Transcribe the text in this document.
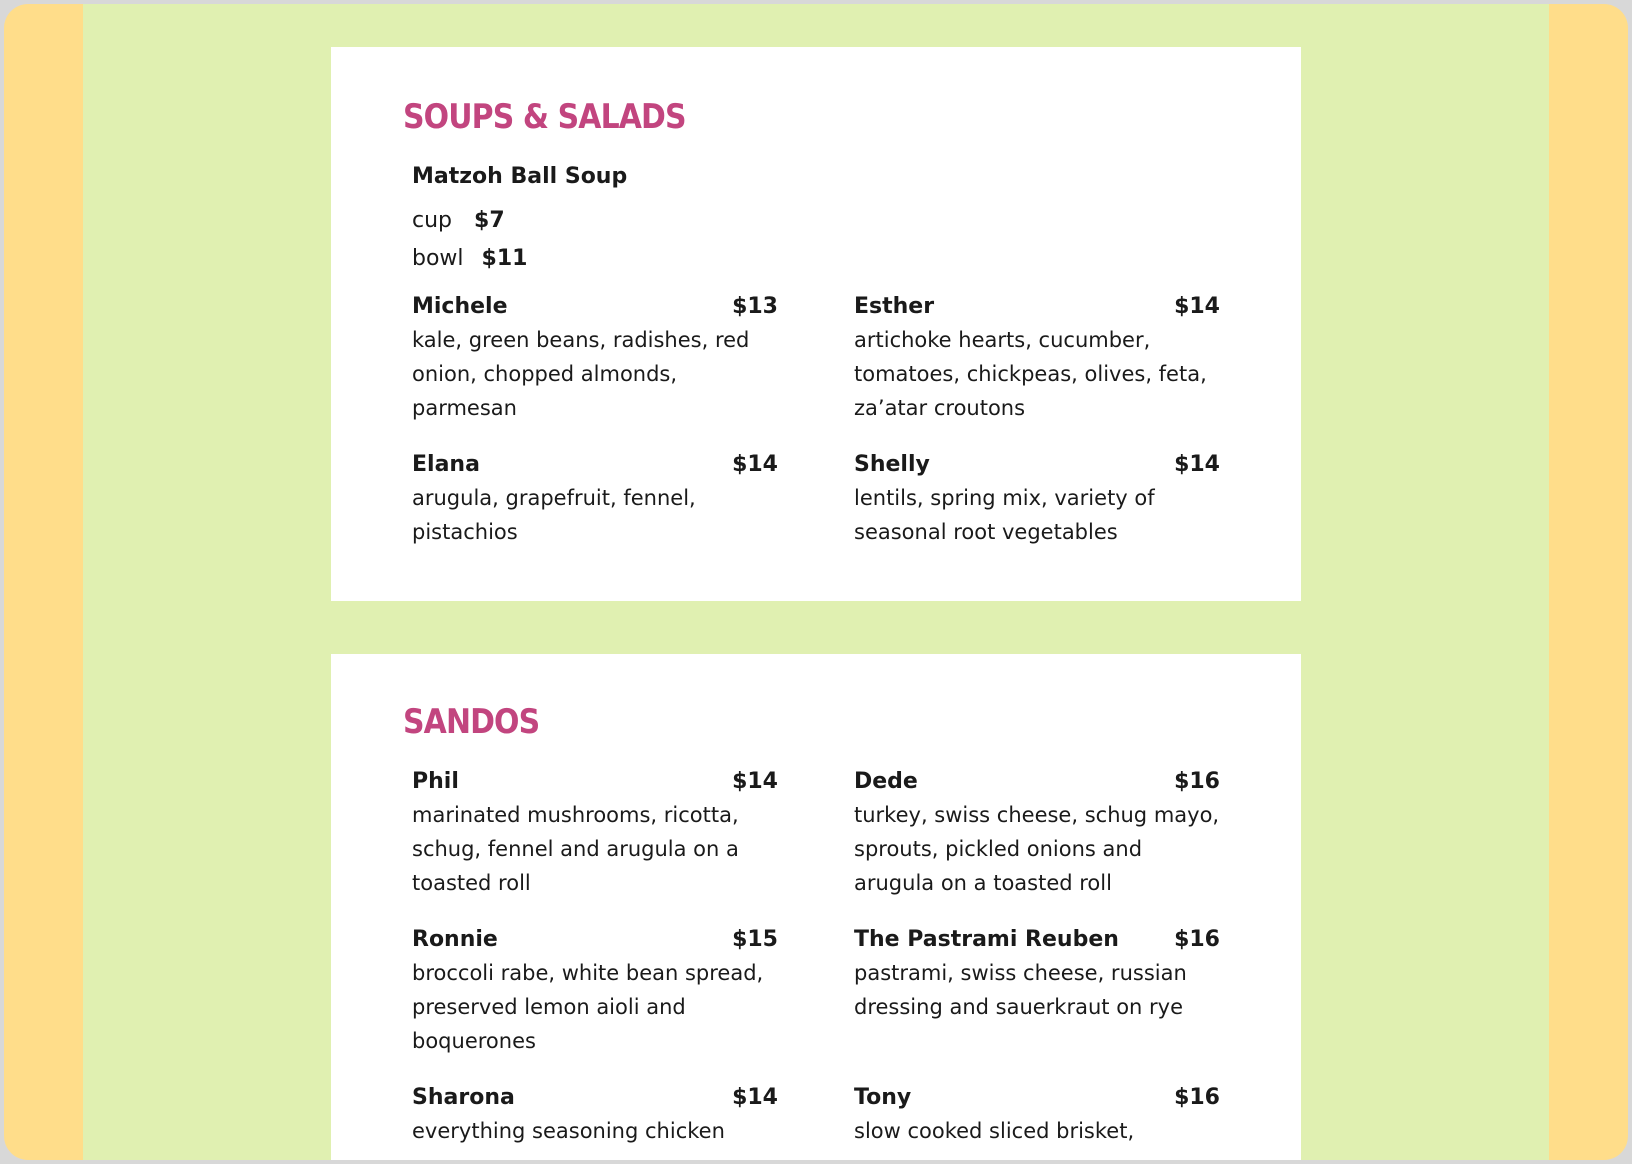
SOUPS & SALADS
Matzoh Ball Soup
cup $7
bowl $11
Michele	$13
kale, green beans, radishes, red onion, chopped almonds, parmesan
Esther	$14
artichoke hearts, cucumber, tomatoes, chickpeas, olives, feta, za’atar croutons
Elana	$14
arugula, grapefruit, fennel, pistachios
Shelly	$14
lentils, spring mix, variety of seasonal root vegetables
SANDOS
Phil	$14
marinated mushrooms, ricotta, schug, fennel and arugula on a toasted roll
Dede	$16
turkey, swiss cheese, schug mayo, sprouts, pickled onions and arugula on a toasted roll
Ronnie	$15
broccoli rabe, white bean spread, preserved lemon aioli and boquerones
The Pastrami Reuben	$16
pastrami, swiss cheese, russian dressing and sauerkraut on rye
Sharona	$14
everything seasoning chicken
Tony	$16
slow cooked sliced brisket,
